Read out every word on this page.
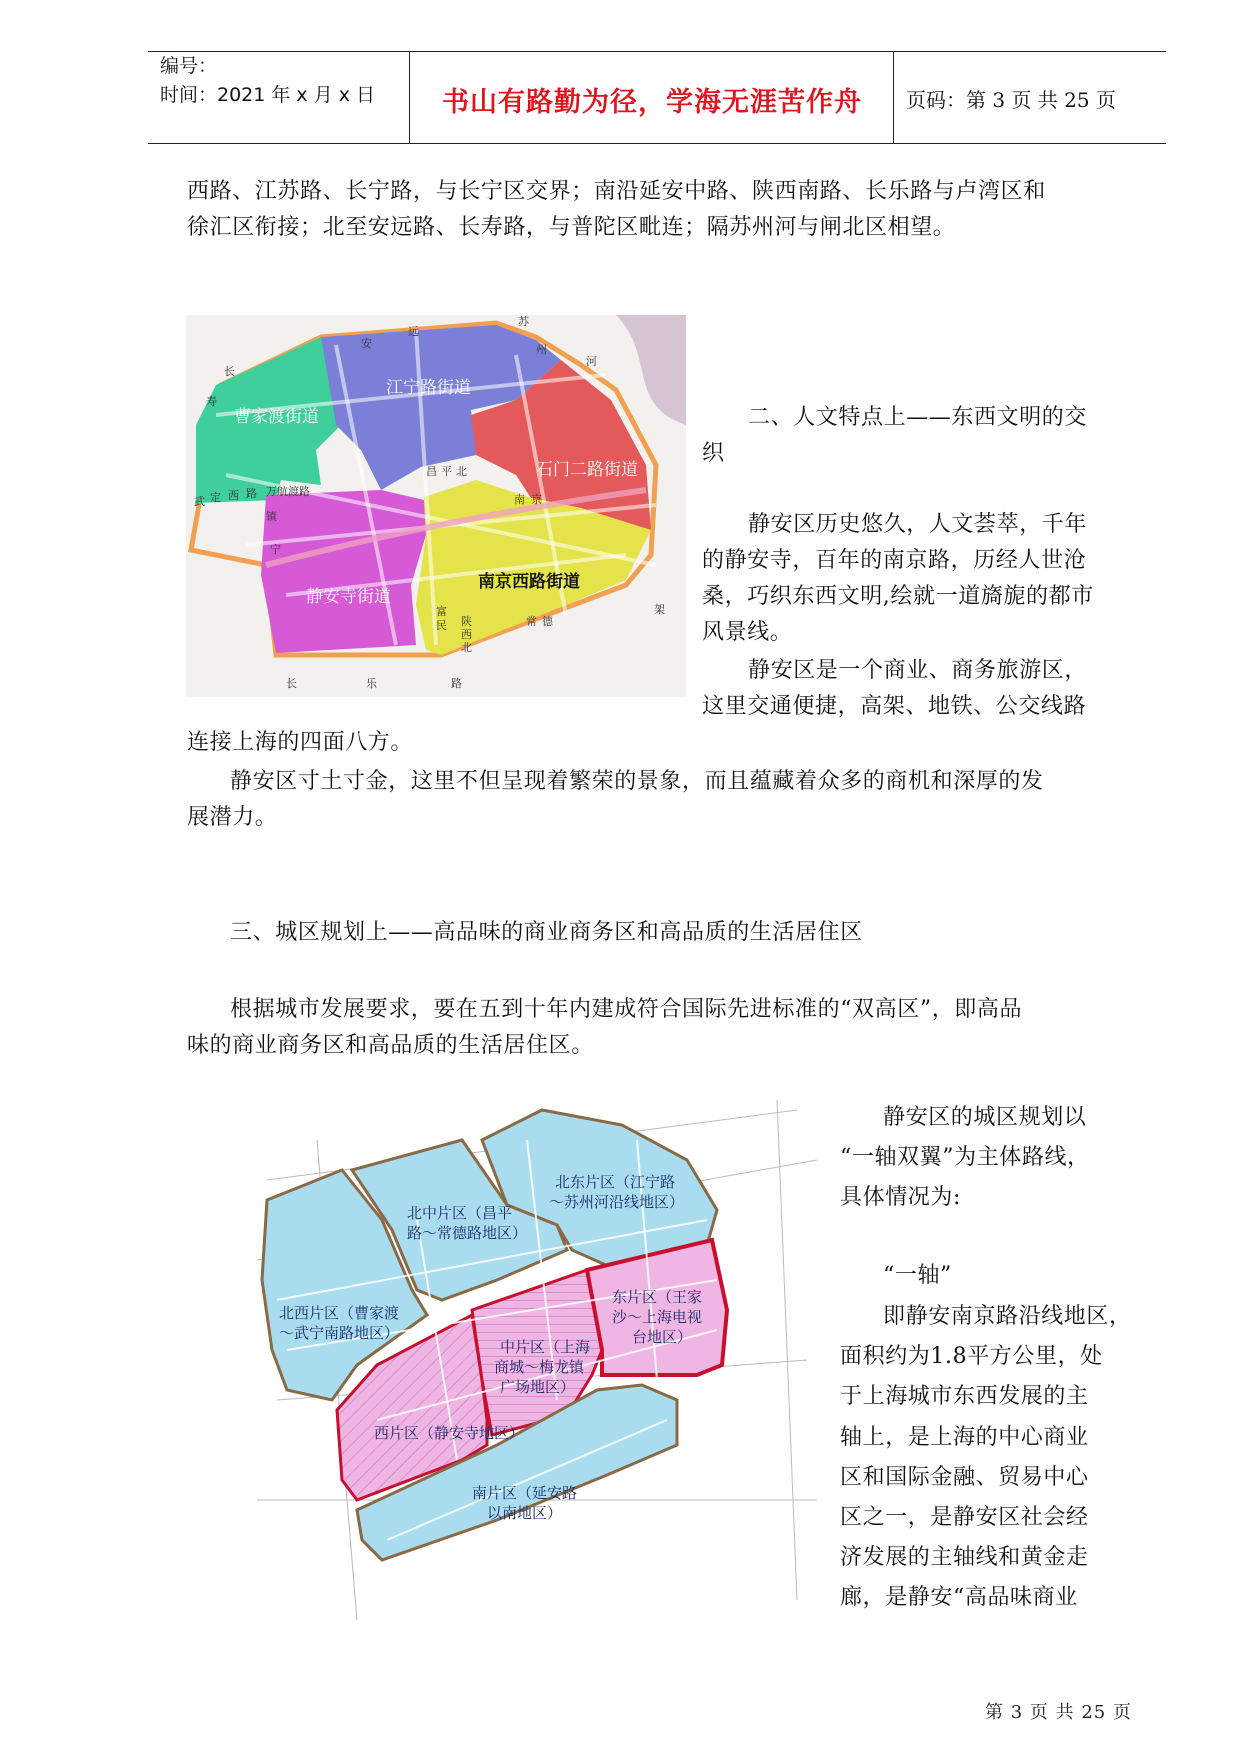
编号：
时间：2021 年 x 月 x 日	书山有路勤为径，学海无涯苦作舟	页码：第 3 页 共 25 页
西路、江苏路、长宁路，与长宁区交界；南沿延安中路、陕西南路、长乐路与卢湾区和
徐汇区衔接；北至安远路、长寿路，与普陀区毗连；隔苏州河与闸北区相望。
二、人文特点上——东西文明的交
织
静安区历史悠久，人文荟萃，千年
的静安寺，百年的南京路，历经人世沧
桑，巧织东西文明,绘就一道旖旎的都市
风景线。
静安区是一个商业、商务旅游区，
这里交通便捷，高架、地铁、公交线路
连接上海的四面八方。
静安区寸土寸金，这里不但呈现着繁荣的景象，而且蕴藏着众多的商机和深厚的发
展潜力。
三、城区规划上——高品味的商业商务区和高品质的生活居住区
根据城市发展要求，要在五到十年内建成符合国际先进标准的“双高区”，即高品
味的商业商务区和高品质的生活居住区。
静安区的城区规划以
“一轴双翼”为主体路线，
具体情况为:
“一轴”
即静安南京路沿线地区，
面积约为1.8平方公里，处
于上海城市东西发展的主
轴上，是上海的中心商业
区和国际金融、贸易中心
区之一，是静安区社会经
济发展的主轴线和黄金走
廊，是静安“高品味商业
曹家渡街道
江宁路街道
石门二路街道
静安寺街道
南京西路街道
远
苏
安	州
长
寿
河
武 定 西 路 万航渡路
镇
宁
南 京
昌 平 北
常 德
富
民 陕
西
北
乐
长	路
架
北东片区（江宁路
～苏州河沿线地区）
北中片区（昌平
路～常德路地区）
北西片区（曹家渡
～武宁南路地区）
中片区（上海
商城～梅龙镇
广场地区）
东片区（王家
沙～上海电视
台地区）
西片区（静安寺地区）
南片区（延安路
以南地区）
第 3 页 共 25 页
